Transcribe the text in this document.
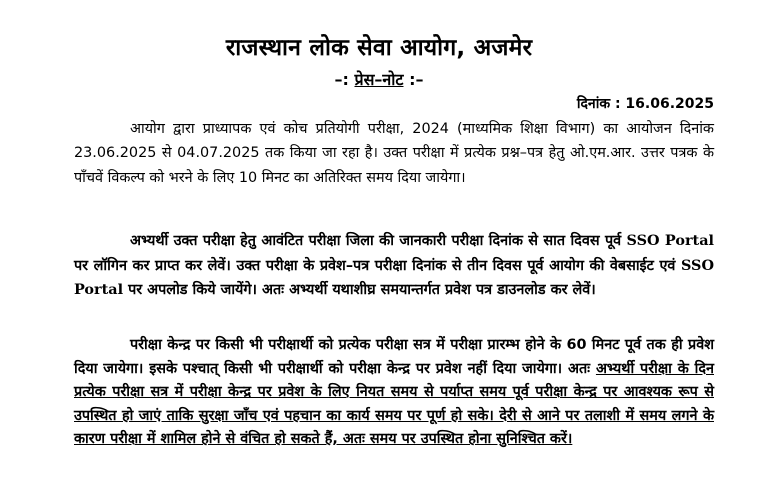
राजस्थान लोक सेवा आयोग, अजमेर
–: प्रेस–नोट :–
दिनांक : 16.06.2025
आयोग द्वारा प्राध्यापक एवं कोच प्रतियोगी परीक्षा, 2024 (माध्यमिक शिक्षा विभाग) का आयोजन दिनांक 23.06.2025 से 04.07.2025 तक किया जा रहा है। उक्त परीक्षा में प्रत्येक प्रश्न–पत्र हेतु ओ.एम.आर. उत्तर पत्रक के पाँचवें विकल्प को भरने के लिए 10 मिनट का अतिरिक्त समय दिया जायेगा।
अभ्यर्थी उक्त परीक्षा हेतु आवंटित परीक्षा जिला की जानकारी परीक्षा दिनांक से सात दिवस पूर्व SSO Portal पर लॉगिन कर प्राप्त कर लेवें। उक्त परीक्षा के प्रवेश–पत्र परीक्षा दिनांक से तीन दिवस पूर्व आयोग की वेबसाईट एवं SSO Portal पर अपलोड किये जायेंगे। अतः अभ्यर्थी यथाशीघ्र समयान्तर्गत प्रवेश पत्र डाउनलोड कर लेवें।
परीक्षा केन्द्र पर किसी भी परीक्षार्थी को प्रत्येक परीक्षा सत्र में परीक्षा प्रारम्भ होने के 60 मिनट पूर्व तक ही प्रवेश दिया जायेगा। इसके पश्चात् किसी भी परीक्षार्थी को परीक्षा केन्द्र पर प्रवेश नहीं दिया जायेगा। अतः अभ्यर्थी परीक्षा के दिन प्रत्येक परीक्षा सत्र में परीक्षा केन्द्र पर प्रवेश के लिए नियत समय से पर्याप्त समय पूर्व परीक्षा केन्द्र पर आवश्यक रूप से उपस्थित हो जाएं ताकि सुरक्षा जाँच एवं पहचान का कार्य समय पर पूर्ण हो सके। देरी से आने पर तलाशी में समय लगने के कारण परीक्षा में शामिल होने से वंचित हो सकते हैं, अतः समय पर उपस्थित होना सुनिश्चित करें।
